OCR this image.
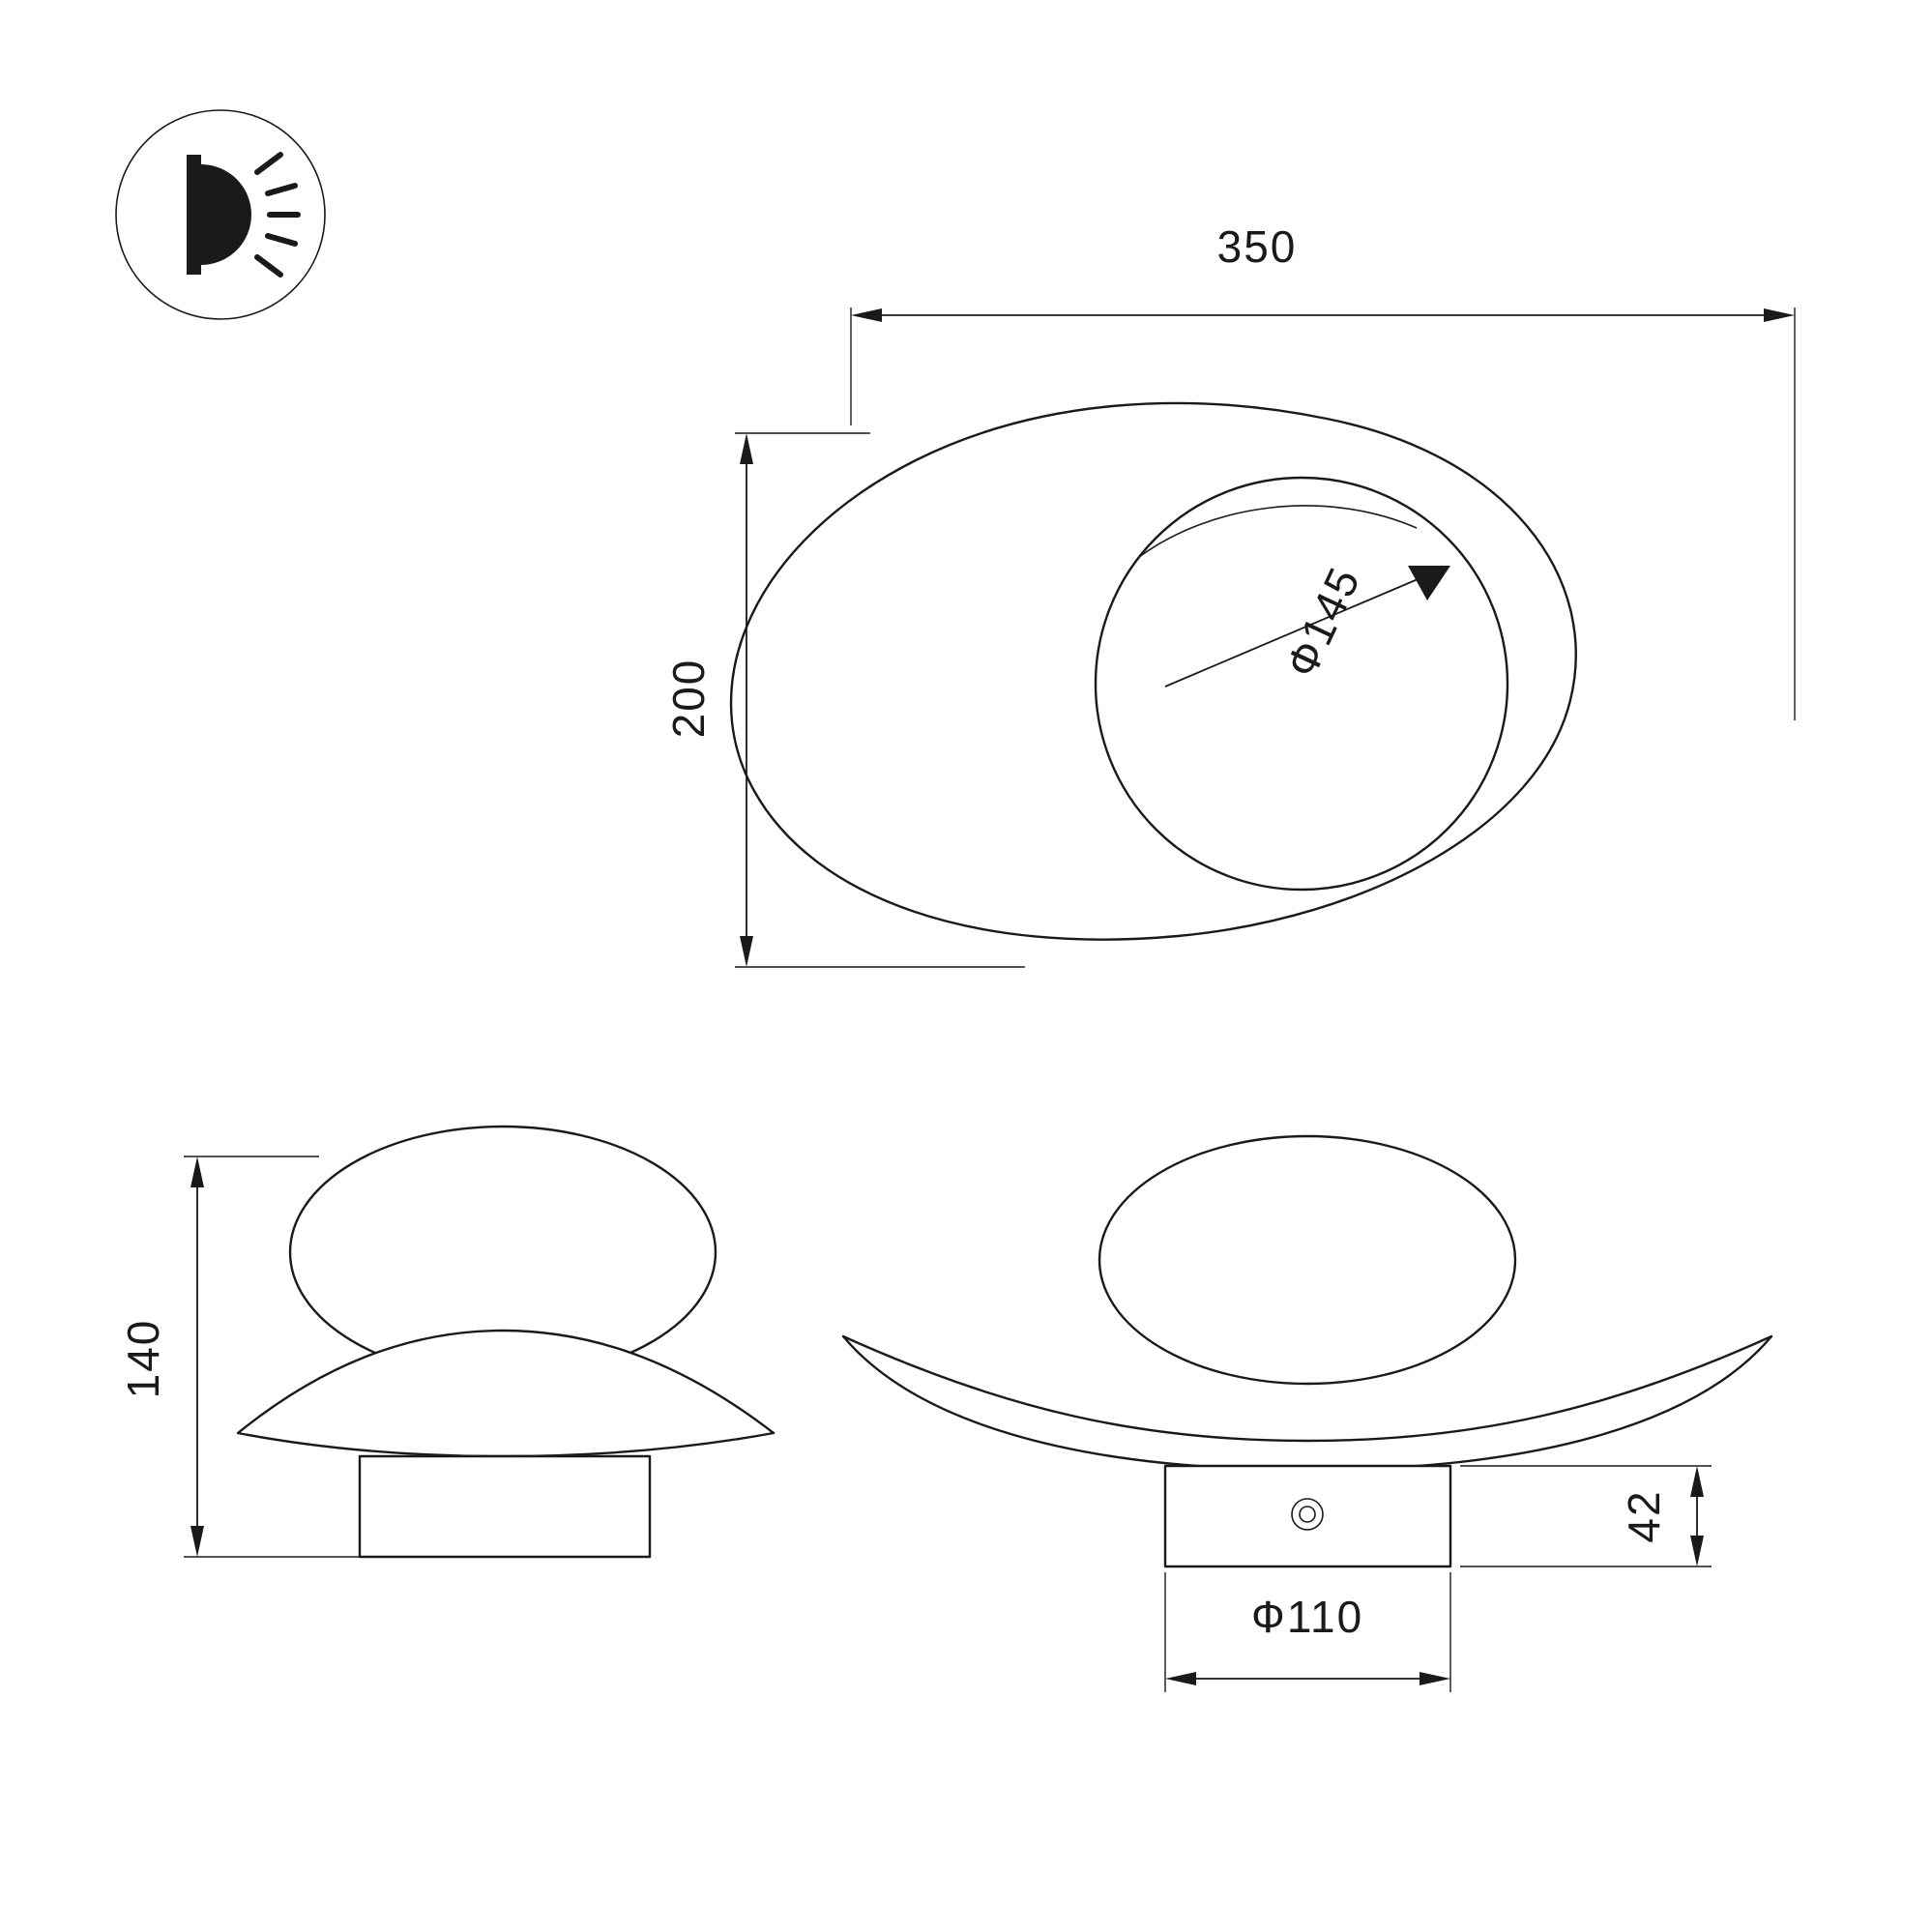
350
200
Ф145
140
42
Ф110
